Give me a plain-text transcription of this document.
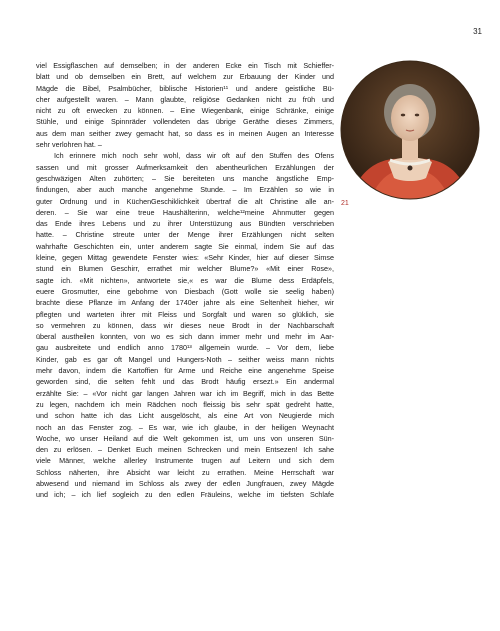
31
viel Essigflaschen auf demselben; in der anderen Ecke ein Tisch mit Schieffer-
blatt und ob demselben ein Brett, auf welchem zur Erbauung der Kinder und
Mägde die Bibel, Psalmbücher, biblische Historien¹¹ und andere geistliche Bü-
cher aufgestellt waren. – Mann glaubte, religiöse Gedanken nicht zu früh und
nicht zu oft erwecken zu können. – Eine Wiegenbank, einige Schränke, einige
Stühle, und einige Spinnräder vollendeten das übrige Geräthe dieses Zimmers,
aus dem man seither zwey gemacht hat, so dass es in meinen Augen an Interesse
sehr verlohren hat. –
Ich erinnere mich noch sehr wohl, dass wir oft auf den Stuffen des Ofens
sassen und mit grosser Aufmerksamkeit den abentheurlichen Erzählungen der
geschwäzigen Alten zuhörten; – Sie bereiteten uns manche ängstliche Emp-
findungen, aber auch manche angenehme Stunde. – Im Erzählen so wie in
guter Ordnung und in KüchenGeschiklichkeit übertraf die alt Christine alle an-
deren. – Sie war eine treue Haushälterinn, welche¹²meine Ahnmutter gegen
das Ende ihres Lebens und zu ihrer Unterstüzung aus Bündten verschrieben
hatte. – Christine streute unter der Menge ihrer Erzählungen nicht selten
wahrhafte Geschichten ein, unter anderem sagte Sie einmal, indem Sie auf das
kleine, gegen Mittag gewendete Fenster wies: «Sehr Kinder, hier auf dieser Simse
stund ein Blumen Geschirr, errathet mir welcher Blume?» «Mit einer Rose»,
sagte ich. «Mit nichten», antwortete sie,« es war die Blume dess Erdäpfels,
euere Grosmutter, eine gebohrne von Diesbach (Gott wolle sie seelig haben)
brachte diese Pflanze im Anfang der 1740er jahre als eine Seltenheit hieher, wir
pflegten und warteten ihrer mit Fleiss und Sorgfalt und waren so glüklich, sie
so vermehren zu können, dass wir dieses neue Brodt in der Nachbarschaft
überal austheilen konnten, von wo es sich dann immer mehr und mehr im Aar-
gau ausbreitete und endlich anno 1780¹³ allgemein wurde. – Vor dem, liebe
Kinder, gab es gar oft Mangel und Hungers-Noth – seither weiss mann nichts
mehr davon, indem die Kartoffien für Arme und Reiche eine angenehme Speise
geworden sind, die selten fehlt und das Brodt häufig ersezt.» Ein andermal
erzählte Sie: – «Vor nicht gar langen Jahren war ich im Begriff, mich in das Bette
zu legen, nachdem ich mein Rädchen noch fleissig bis sehr spät gedreht hatte,
und schon hatte ich das Licht ausgelöscht, als eine Art von Neugierde mich
noch an das Fenster zog. – Es war, wie ich glaube, in der heiligen Weynacht
Woche, wo unser Heiland auf die Welt gekommen ist, um uns von unseren Sün-
den zu erlösen. – Denket Euch meinen Schrecken und mein Entsezen! Ich sahe
viele Männer, welche allerley Instrumente trugen auf Leitern und sich dem
Schloss näherten, ihre Absicht war leicht zu errathen. Meine Herrschaft war
abwesend und niemand im Schloss als zwey der edlen Jungfrauen, zwey Mägde
und ich; – ich lief sogleich zu den edlen Fräuleins, welche im tiefsten Schlafe
21
